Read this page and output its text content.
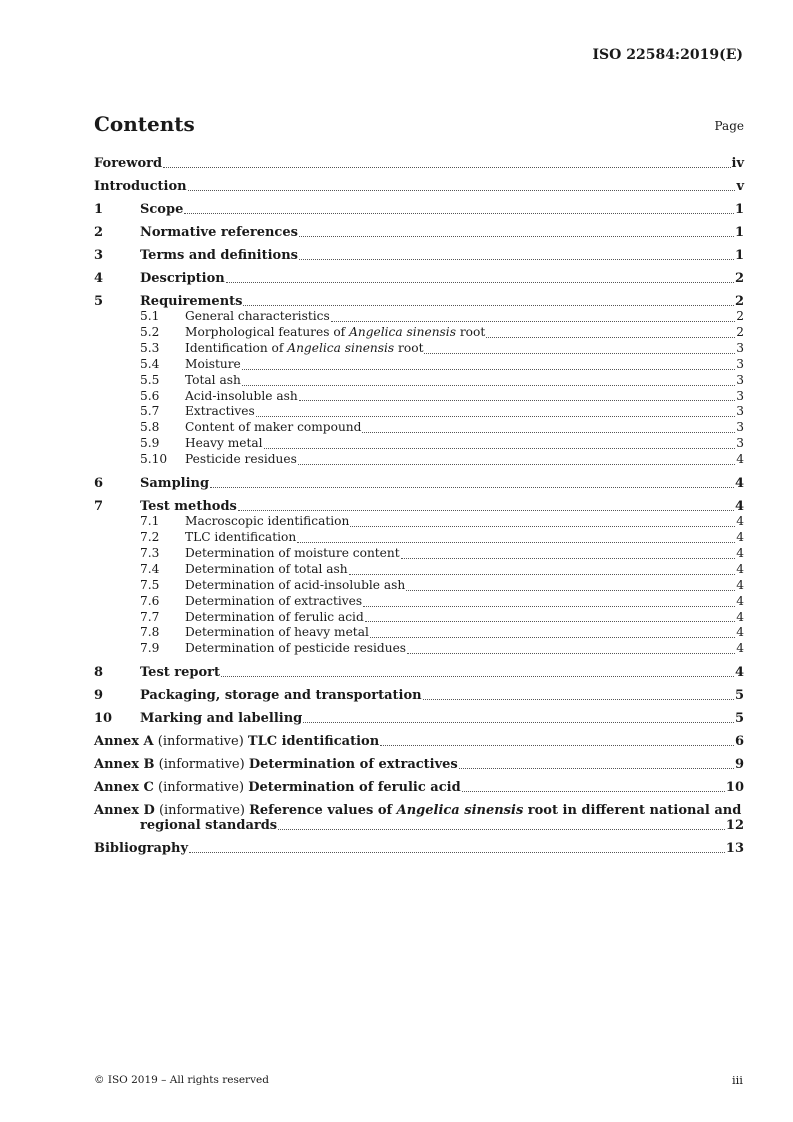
ISO 22584:2019(E)
Contents	Page
Foreword	iv
Introduction	v
1	Scope	1
2	Normative references	1
3	Terms and definitions	1
4	Description	2
5	Requirements	2
5.1	General characteristics	2
5.2	Morphological features of Angelica sinensis root	2
5.3	Identification of Angelica sinensis root	3
5.4	Moisture	3
5.5	Total ash	3
5.6	Acid-insoluble ash	3
5.7	Extractives	3
5.8	Content of maker compound	3
5.9	Heavy metal	3
5.10	Pesticide residues	4
6	Sampling	4
7	Test methods	4
7.1	Macroscopic identification	4
7.2	TLC identification	4
7.3	Determination of moisture content	4
7.4	Determination of total ash	4
7.5	Determination of acid-insoluble ash	4
7.6	Determination of extractives	4
7.7	Determination of ferulic acid	4
7.8	Determination of heavy metal	4
7.9	Determination of pesticide residues	4
8	Test report	4
9	Packaging, storage and transportation	5
10	Marking and labelling	5
Annex A (informative) TLC identification	6
Annex B (informative) Determination of extractives	9
Annex C (informative) Determination of ferulic acid	10
Annex D (informative) Reference values of Angelica sinensis root in different national and
regional standards	12
Bibliography	13
© ISO 2019 – All rights reserved	iii
